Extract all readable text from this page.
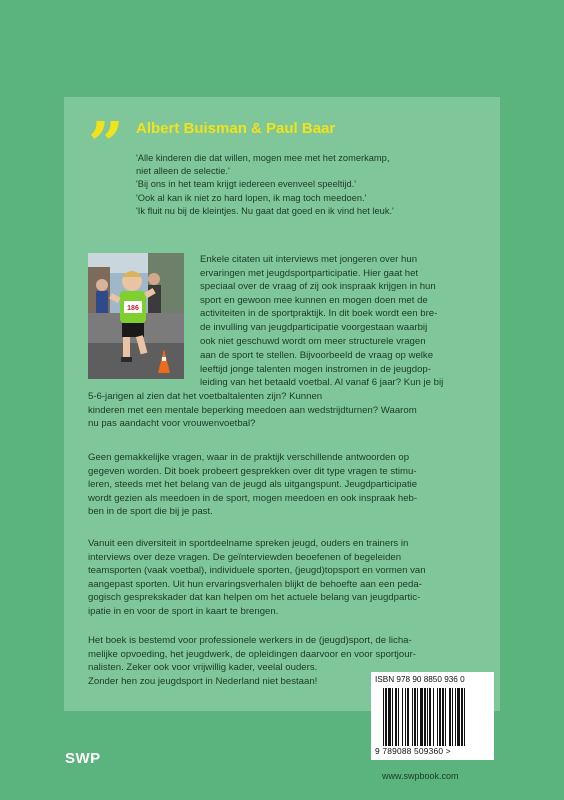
” Albert Buisman & Paul Baar
'Alle kinderen die dat willen, mogen mee met het zomerkamp,
niet alleen de selectie.'
'Bij ons in het team krijgt iedereen evenveel speeltijd.'
'Ook al kan ik niet zo hard lopen, ik mag toch meedoen.'
'Ik fluit nu bij de kleintjes. Nu gaat dat goed en ik vind het leuk.'
186
Enkele citaten uit interviews met jongeren over hun
ervaringen met jeugdsportparticipatie. Hier gaat het
speciaal over de vraag of zij ook inspraak krijgen in hun
sport en gewoon mee kunnen en mogen doen met de
activiteiten in de sportpraktijk. In dit boek wordt een bre-
de invulling van jeugdparticipatie voorgestaan waarbij
ook niet geschuwd wordt om meer structurele vragen
aan de sport te stellen. Bijvoorbeeld de vraag op welke
leeftijd jonge talenten mogen instromen in de jeugdop-
leiding van het betaald voetbal. Al vanaf 6 jaar? Kun je bij
5-6-jarigen al zien dat het voetbaltalenten zijn? Kunnen
kinderen met een mentale beperking meedoen aan wedstrijdturnen? Waarom
nu pas aandacht voor vrouwenvoetbal?
Geen gemakkelijke vragen, waar in de praktijk verschillende antwoorden op
gegeven worden. Dit boek probeert gesprekken over dit type vragen te stimu-
leren, steeds met het belang van de jeugd als uitgangspunt. Jeugdparticipatie
wordt gezien als meedoen in de sport, mogen meedoen en ook inspraak heb-
ben in de sport die bij je past.
Vanuit een diversiteit in sportdeelname spreken jeugd, ouders en trainers in
interviews over deze vragen. De geïnterviewden beoefenen of begeleiden
teamsporten (vaak voetbal), individuele sporten, (jeugd)topsport en vormen van
aangepast sporten. Uit hun ervaringsverhalen blijkt de behoefte aan een peda-
gogisch gesprekskader dat kan helpen om het actuele belang van jeugdpartic-
ipatie in en voor de sport in kaart te brengen.
Het boek is bestemd voor professionele werkers in de (jeugd)sport, de licha-
melijke opvoeding, het jeugdwerk, de opleidingen daarvoor en voor sportjour-
nalisten. Zeker ook voor vrijwillig kader, veelal ouders.
Zonder hen zou jeugdsport in Nederland niet bestaan!	ISBN 978 90 8850 936 0
9 789088 509360 >
SWP
www.swpbook.com
